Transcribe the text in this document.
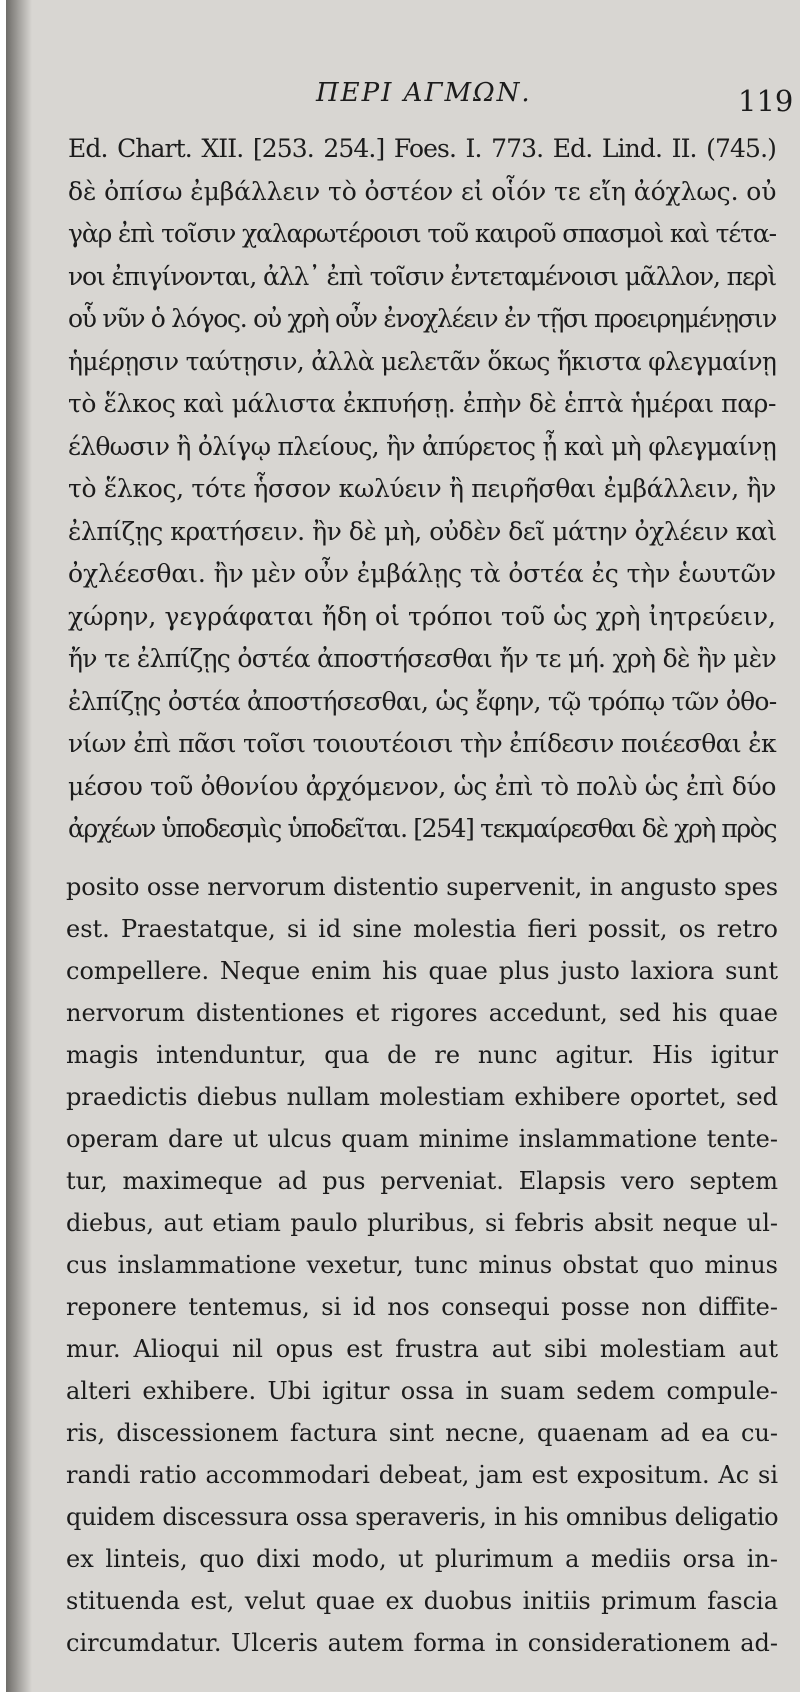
ΠΕΡΙ ΑΓΜΩΝ.	119
Ed. Chart. XII. [253. 254.] Foes. I. 773. Ed. Lind. II. (745.)
δὲ ὀπίσω ἐμβάλλειν τὸ ὀστέον εἰ οἷόν τε εἴη ἀόχλως. οὐ
γὰρ ἐπὶ τοῖσιν χαλαρωτέροισι τοῦ καιροῦ σπασμοὶ καὶ τέτα-
νοι ἐπιγίνονται, ἀλλ᾽ ἐπὶ τοῖσιν ἐντεταμένοισι μᾶλλον, περὶ
οὗ νῦν ὁ λόγος. οὐ χρὴ οὖν ἐνοχλέειν ἐν τῇσι προειρημένῃσιν
ἡμέρῃσιν ταύτῃσιν, ἀλλὰ μελετᾶν ὅκως ἥκιστα φλεγμαίνῃ
τὸ ἕλκος καὶ μάλιστα ἐκπυήσῃ. ἐπὴν δὲ ἑπτὰ ἡμέραι παρ-
έλθωσιν ἢ ὀλίγῳ πλείους, ἢν ἀπύρετος ᾖ καὶ μὴ φλεγμαίνῃ
τὸ ἕλκος, τότε ἧσσον κωλύειν ἢ πειρῆσθαι ἐμβάλλειν, ἢν
ἐλπίζῃς κρατήσειν. ἢν δὲ μὴ, οὐδὲν δεῖ μάτην ὀχλέειν καὶ
ὀχλέεσθαι. ἢν μὲν οὖν ἐμβάλῃς τὰ ὀστέα ἐς τὴν ἑωυτῶν
χώρην, γεγράφαται ἤδη οἱ τρόποι τοῦ ὡς χρὴ ἰητρεύειν,
ἤν τε ἐλπίζῃς ὀστέα ἀποστήσεσθαι ἤν τε μή. χρὴ δὲ ἢν μὲν
ἐλπίζῃς ὀστέα ἀποστήσεσθαι, ὡς ἔφην, τῷ τρόπῳ τῶν ὀθο-
νίων ἐπὶ πᾶσι τοῖσι τοιουτέοισι τὴν ἐπίδεσιν ποιέεσθαι ἐκ
μέσου τοῦ ὀθονίου ἀρχόμενον, ὡς ἐπὶ τὸ πολὺ ὡς ἐπὶ δύο
ἀρχέων ὑποδεσμὶς ὑποδεῖται. [254] τεκμαίρεσθαι δὲ χρὴ πρὸς
posito osse nervorum distentio supervenit, in angusto spes
est. Praestatque, si id sine molestia fieri possit, os retro
compellere. Neque enim his quae plus justo laxiora sunt
nervorum distentiones et rigores accedunt, sed his quae
magis intenduntur, qua de re nunc agitur. His igitur
praedictis diebus nullam molestiam exhibere oportet, sed
operam dare ut ulcus quam minime inslammatione tente-
tur, maximeque ad pus perveniat. Elapsis vero septem
diebus, aut etiam paulo pluribus, si febris absit neque ul-
cus inslammatione vexetur, tunc minus obstat quo minus
reponere tentemus, si id nos consequi posse non diffite-
mur. Alioqui nil opus est frustra aut sibi molestiam aut
alteri exhibere. Ubi igitur ossa in suam sedem compule-
ris, discessionem factura sint necne, quaenam ad ea cu-
randi ratio accommodari debeat, jam est expositum. Ac si
quidem discessura ossa speraveris, in his omnibus deligatio
ex linteis, quo dixi modo, ut plurimum a mediis orsa in-
stituenda est, velut quae ex duobus initiis primum fascia
circumdatur. Ulceris autem forma in considerationem ad-
